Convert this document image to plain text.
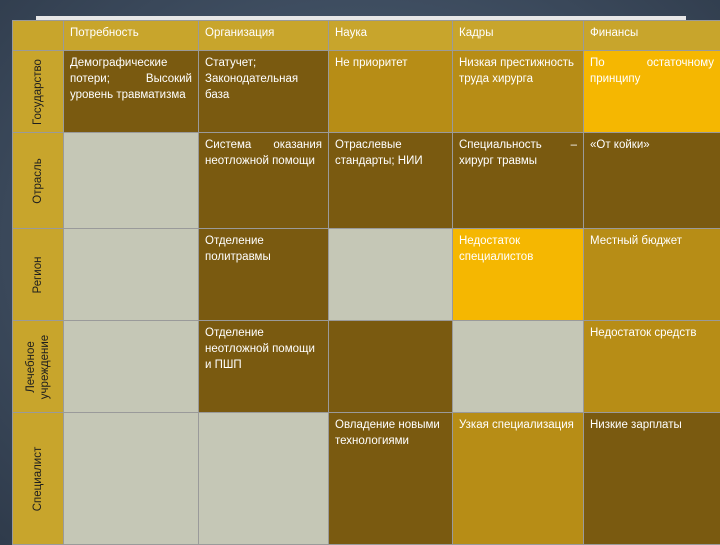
	Потребность	Организация	Наука	Кадры	Финансы

Государство	Демографические потери; Высокий уровень травматизма	Статучет; Законодательная база	Не приоритет	Низкая престижность труда хирурга	По остаточному принципу

Отрасль		Система оказания неотложной помощи	Отраслевые стандарты; НИИ	Специальность – хирург травмы	«От койки»

Регион		Отделение политравмы		Недостаток специалистов	Местный бюджет

Лечебное учреждение		Отделение неотложной помощи и ПШП			Недостаток средств

Специалист			Овладение новыми технологиями	Узкая специализация	Низкие зарплаты
